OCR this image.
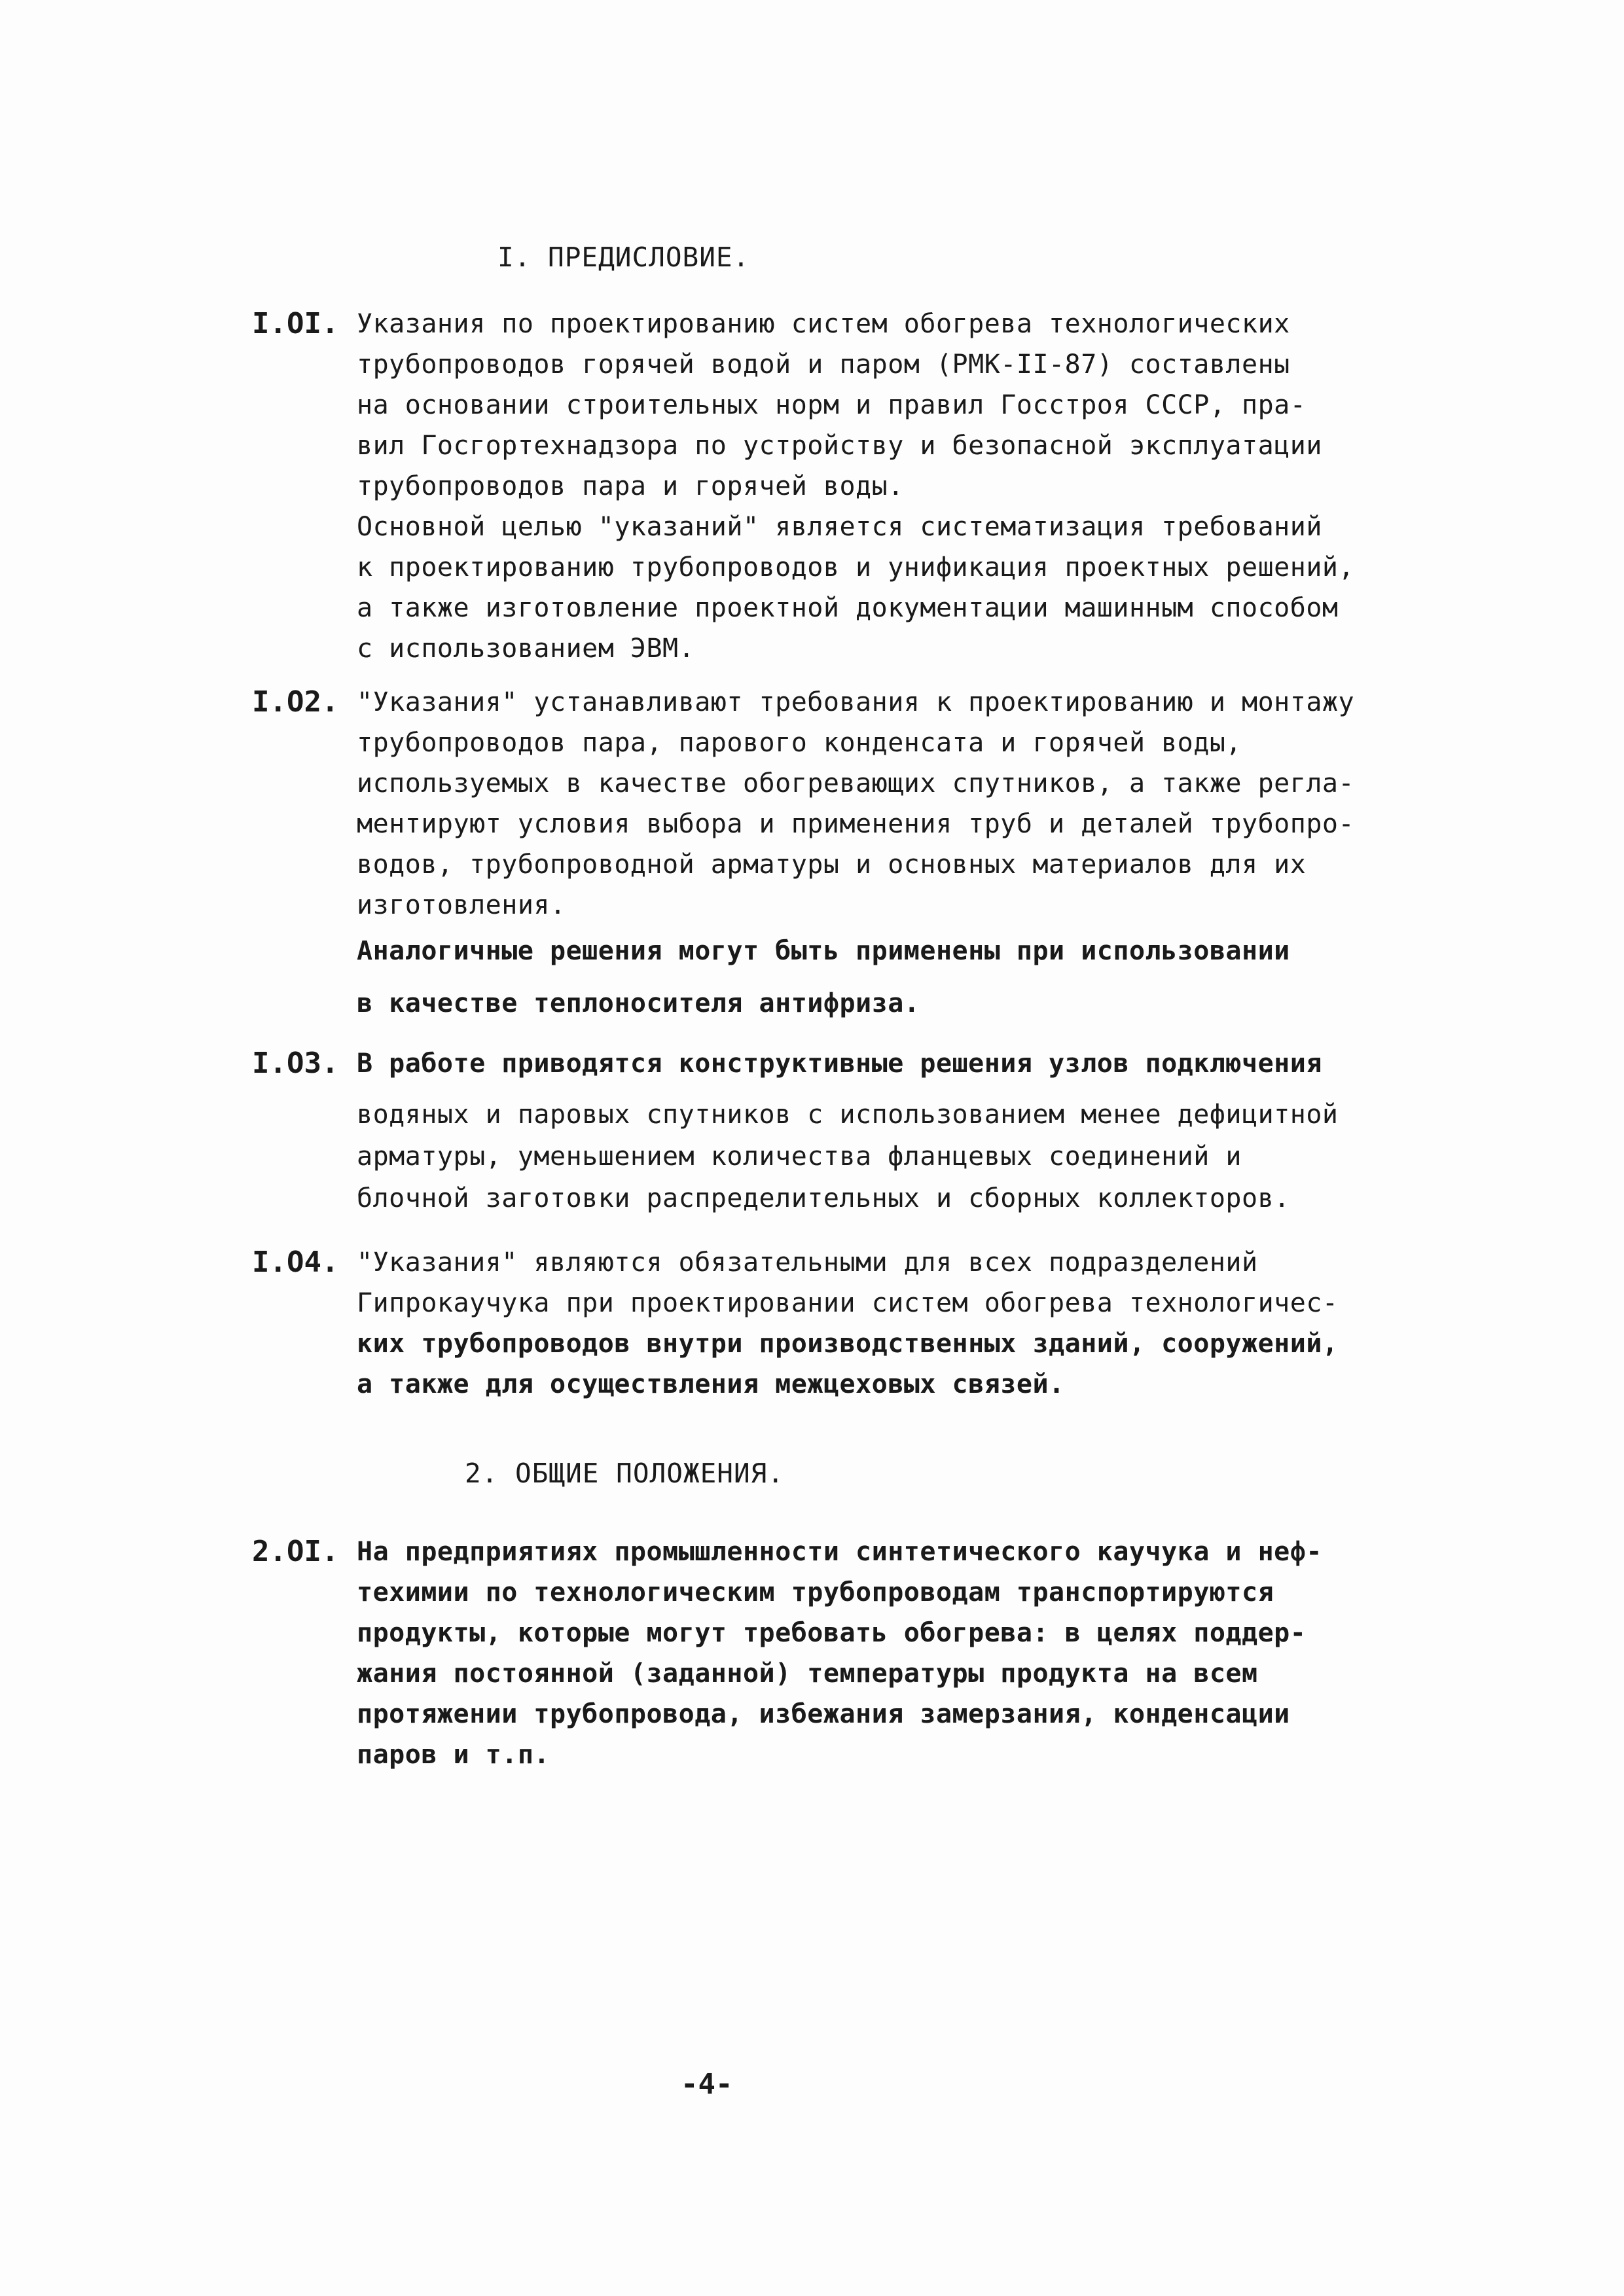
I. ПРЕДИСЛОВИЕ.
I.OI. Указания по проектированию систем обогрева технологических
трубопроводов горячей водой и паром (РМК-II-87) составлены
на основании строительных норм и правил Госстроя СССР, пра-
вил Госгортехнадзора по устройству и безопасной эксплуатации
трубопроводов пара и горячей воды.
Основной целью "указаний" является систематизация требований
к проектированию трубопроводов и унификация проектных решений,
а также изготовление проектной документации машинным способом
с использованием ЭВМ.
I.O2. "Указания" устанавливают требования к проектированию и монтажу
трубопроводов пара, парового конденсата и горячей воды,
используемых в качестве обогревающих спутников, а также регла-
ментируют условия выбора и применения труб и деталей трубопро-
водов, трубопроводной арматуры и основных материалов для их
изготовления.
Аналогичные решения могут быть применены при использовании
в качестве теплоносителя антифриза.
I.O3. В работе приводятся конструктивные решения узлов подключения
водяных и паровых спутников с использованием менее дефицитной
арматуры, уменьшением количества фланцевых соединений и
блочной заготовки распределительных и сборных коллекторов.
I.O4. "Указания" являются обязательными для всех подразделений
Гипрокаучука при проектировании систем обогрева технологичес-
ких трубопроводов внутри производственных зданий, сооружений,
а также для осуществления межцеховых связей.
2. ОБЩИЕ ПОЛОЖЕНИЯ.
2.OI. На предприятиях промышленности синтетического каучука и неф-
техимии по технологическим трубопроводам транспортируются
продукты, которые могут требовать обогрева: в целях поддер-
жания постоянной (заданной) температуры продукта на всем
протяжении трубопровода, избежания замерзания, конденсации
паров и т.п.
-4-
